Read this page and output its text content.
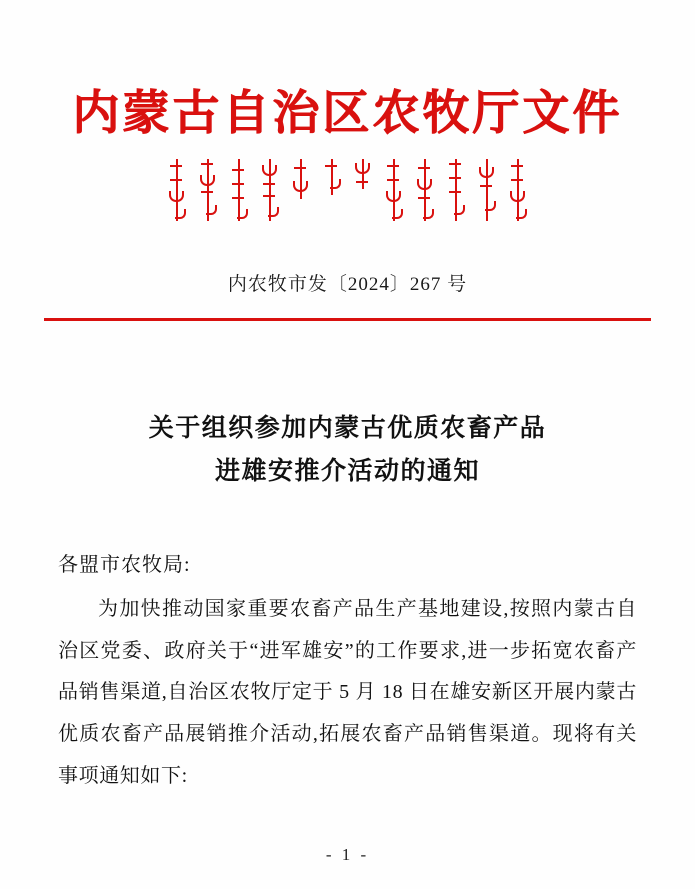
内蒙古自治区农牧厅文件
内农牧市发〔2024〕267 号
关于组织参加内蒙古优质农畜产品
进雄安推介活动的通知
各盟市农牧局:
为加快推动国家重要农畜产品生产基地建设,按照内蒙古自治区党委、政府关于“进军雄安”的工作要求,进一步拓宽农畜产品销售渠道,自治区农牧厅定于 5 月 18 日在雄安新区开展内蒙古优质农畜产品展销推介活动,拓展农畜产品销售渠道。现将有关事项通知如下:
- 1 -
